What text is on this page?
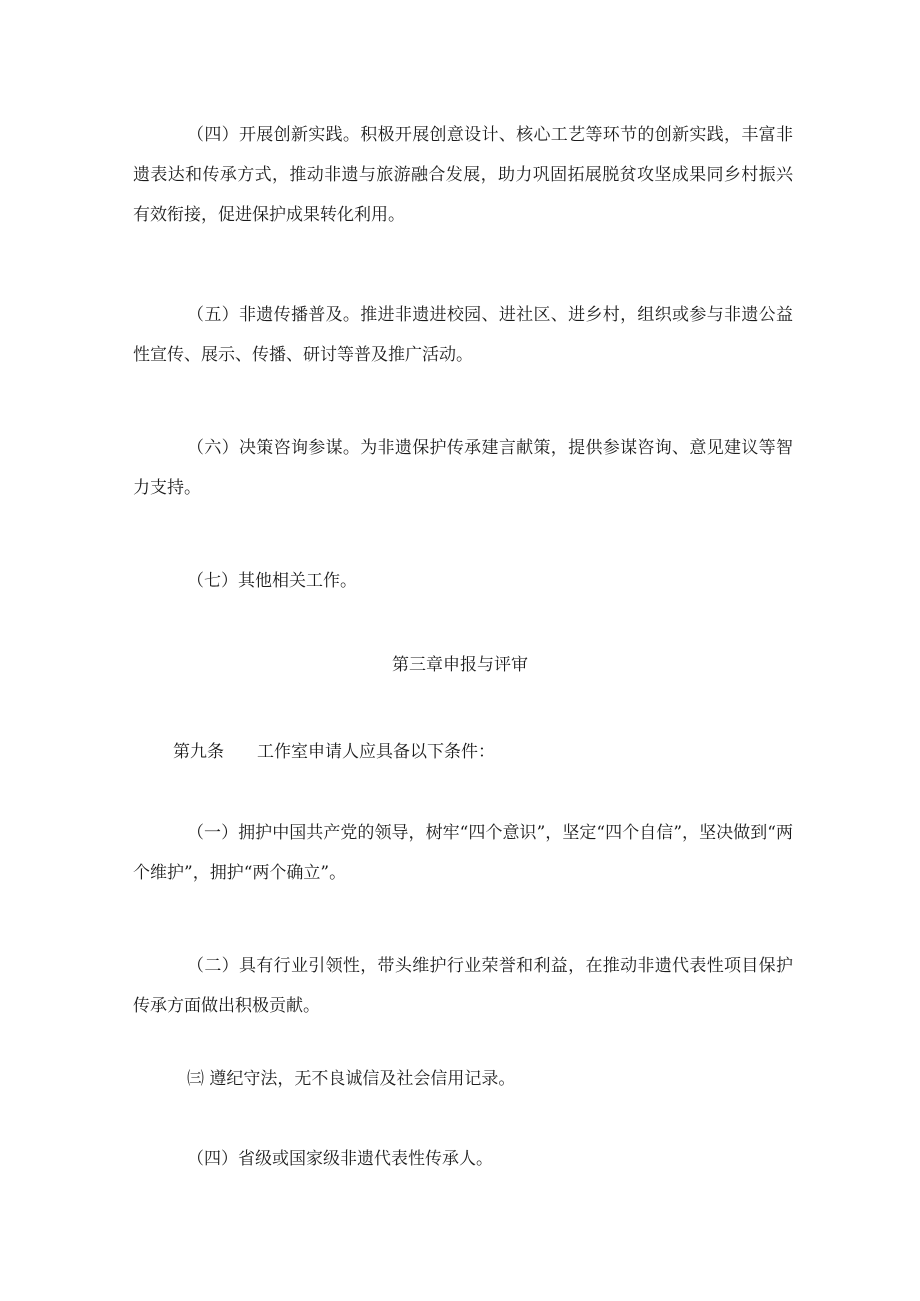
（四）开展创新实践。积极开展创意设计、核心工艺等环节的创新实践，丰富非遗表达和传承方式，推动非遗与旅游融合发展，助力巩固拓展脱贫攻坚成果同乡村振兴有效衔接，促进保护成果转化利用。

（五）非遗传播普及。推进非遗进校园、进社区、进乡村，组织或参与非遗公益性宣传、展示、传播、研讨等普及推广活动。

（六）决策咨询参谋。为非遗保护传承建言献策，提供参谋咨询、意见建议等智力支持。

（七）其他相关工作。

第三章申报与评审

第九条 工作室申请人应具备以下条件：

（一）拥护中国共产党的领导，树牢“四个意识”，坚定“四个自信”，坚决做到“两个维护”，拥护“两个确立”。

（二）具有行业引领性，带头维护行业荣誉和利益，在推动非遗代表性项目保护传承方面做出积极贡献。

㈢ 遵纪守法，无不良诚信及社会信用记录。

（四）省级或国家级非遗代表性传承人。
